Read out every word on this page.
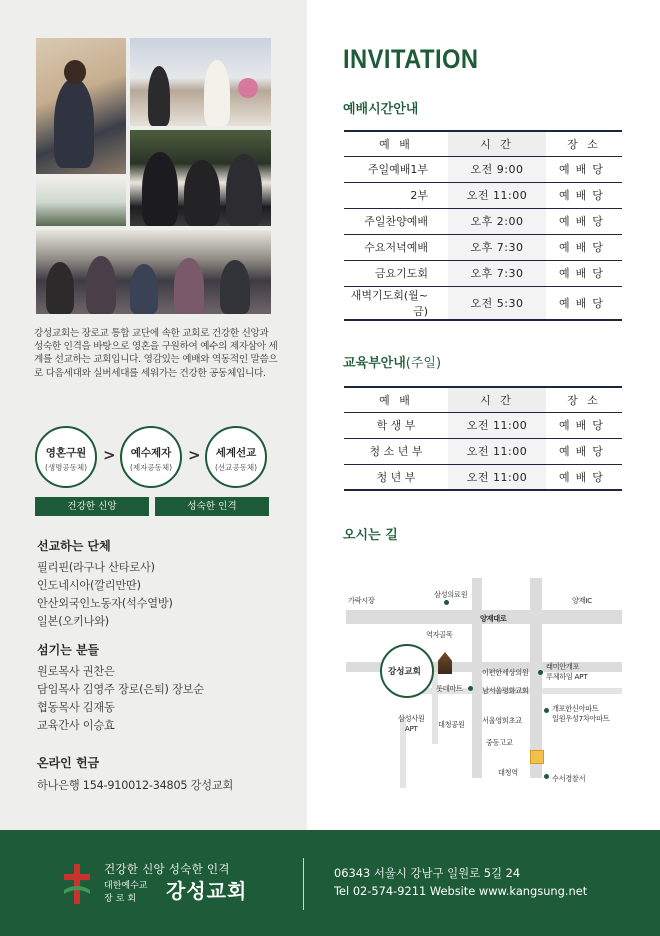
강성교회는 장로교 통합 교단에 속한 교회로 건강한 신앙과 성숙한 인격을 바탕으로 영혼을 구원하여 예수의 제자삼아 세계를 선교하는 교회입니다. 영감있는 예배와 역동적인 말씀으로 다음세대와 실버세대를 세워가는 건강한 공동체입니다.

영혼구원
(생명공동체)
>	예수제자
(제자공동체)
>	세계선교
(선교공동체)
건강한 신앙	성숙한 인격
선교하는 단체
필리핀(라구나 산타로사)
인도네시아(깔리만딴)
안산외국인노동자(석수열방)
일본(오키나와)
섬기는 분들
원로목사 권찬은
담임목사 김영주 장로(은퇴) 장보순
협동목사 김재동
교육간사 이승효
온라인 헌금
하나은행 154-910012-34805 강성교회
INVITATION
예배시간안내
예 배	시 간	장 소
주일예배1부	오전 9:00	예배당
2부	오전 11:00	예배당
주일찬양예배	오후 2:00	예배당
수요저녁예배	오후 7:30	예배당
금요기도회	오후 7:30	예배당
새벽기도회(월~금)	오전 5:30	예배당
교육부안내(주일)
예 배	시 간	장 소
학 생 부	오전 11:00	예배당
청 소 년 부	오전 11:00	예배당
청 년 부	오전 11:00	예배당
오시는 길
가락시장
삼성의료원
양재IC
양재대로
역자골목
강성교회	이편한세상의원
래미안개포
루체하임 APT
롯데마트	남서울평화교회
삼성사원
APT	대청공원 서울영희초교
개포한신아파트
일원우성7차아파트
중동고교
대청역
수서경찰서
건강한 신앙 성숙한 인격
대한예수교
장로회 강성교회
06343 서울시 강남구 일원로 5길 24
Tel 02-574-9211 Website www.kangsung.net
